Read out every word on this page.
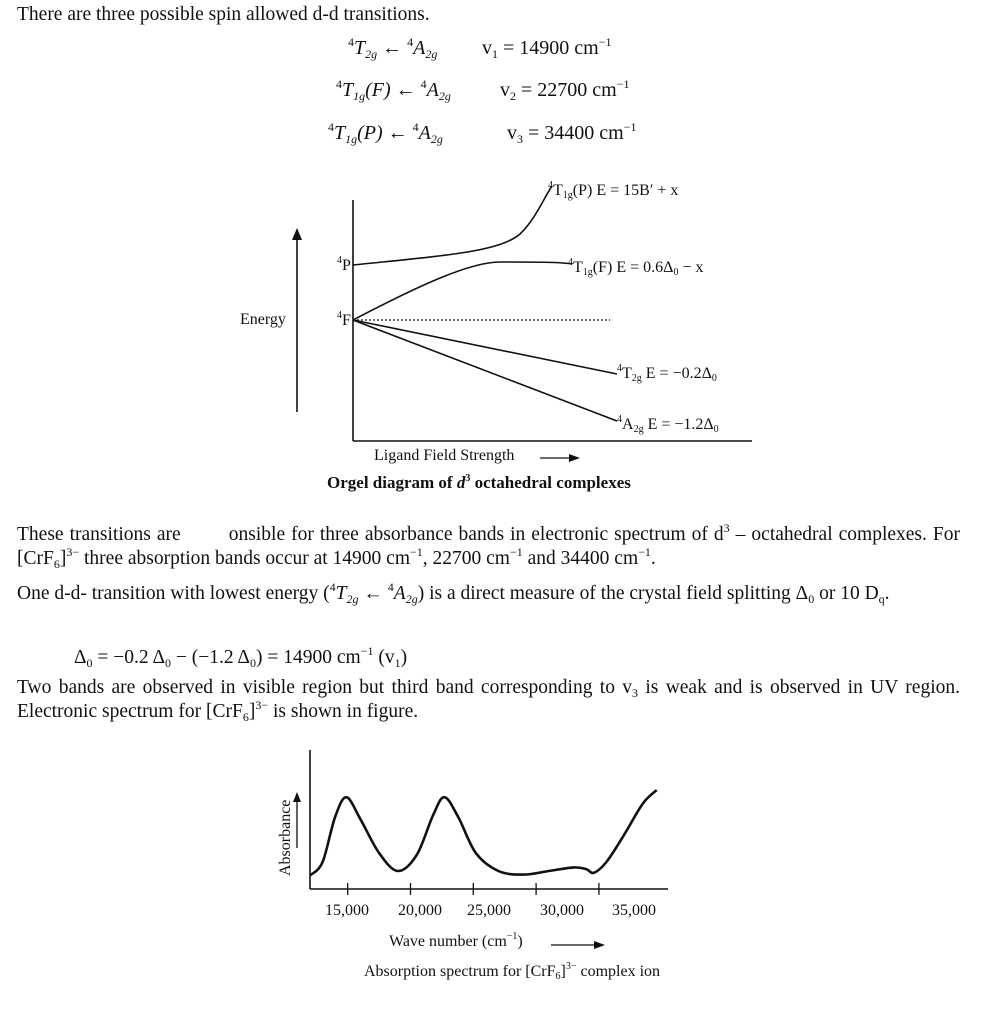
There are three possible spin allowed d-d transitions.
$^4T_{2g}$ ← $^4A_{2g}$ $v_1 = 14900$ $cm^{-1}$
$^4T_{1g}(F)$ ← $^4A_{2g}$ $v_2 = 22700$ $cm^{-1}$
$^4T_{1g}(P)$ ← $^4A_{2g}$	$v_3 = 34400$ $cm^{-1}$
Energy
$^4$P
$^4$F
$^4T_{1g}(P) E = 15B' + x$
$^4T_{1g}(F) E = 0.6\Delta_0 - x$
$^4T_{2g}$ $E = -0.2\Delta_0$
$^4A_{2g}$ $E = -1.2\Delta_0$
Ligand Field Strength
Orgel diagram of $d^3$ octahedral complexes
These transitions are        onsible for three absorbance bands in electronic spectrum of $d^3$ – octahedral complexes. For $[CrF_6]^{3-}$ three absorption bands occur at 14900 $cm^{-1}$, 22700 $cm^{-1}$ and 34400 $cm^{-1}$.
One d-d- transition with lowest energy ($^4T_{2g}$ ← $^4A_{2g}$) is a direct measure of the crystal field splitting $\Delta_0$ or 10 $D_q$.
$\Delta_0 = -0.2$ $\Delta_0 - (-1.2$ $\Delta_0) = 14900$ $cm^{-1}$ $(v_1)$
Two bands are observed in visible region but third band corresponding to $v_3$ is weak and is observed in UV region. Electronic spectrum for $[CrF_6]^{3-}$ is shown in figure.
Absorbance
15,000 20,000 25,000 30,000 35,000
Wave number $(cm^{-1})$
Absorption spectrum for $[CrF_6]^{3-}$ complex ion
